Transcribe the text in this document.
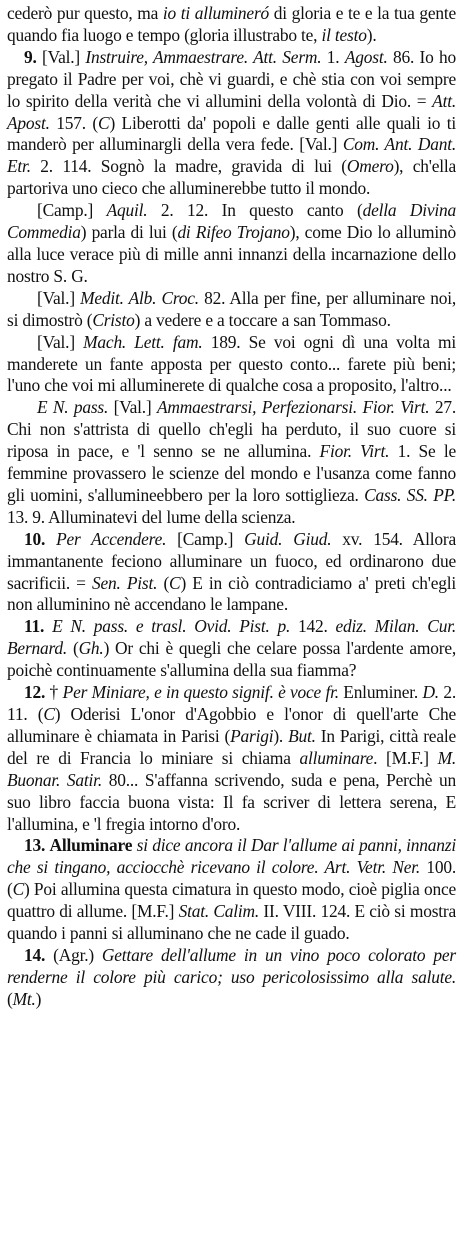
cederò pur questo, ma io ti allumineró di gloria e te e la tua gente quando fia luogo e tempo (gloria illustrabo te, il testo).

9. [Val.] Instruire, Ammaestrare. Att. Serm. 1. Agost. 86. Io ho pregato il Padre per voi, chè vi guardi, e chè stia con voi sempre lo spirito della verità che vi allumini della volontà di Dio. = Att. Apost. 157. (C) Liberotti da' popoli e dalle genti alle quali io ti manderò per alluminargli della vera fede. [Val.] Com. Ant. Dant. Etr. 2. 114. Sognò la madre, gravida di lui (Omero), ch'ella partoriva uno cieco che alluminerebbe tutto il mondo.

[Camp.] Aquil. 2. 12. In questo canto (della Divina Commedia) parla di lui (di Rifeo Trojano), come Dio lo alluminò alla luce verace più di mille anni innanzi della incarnazione dello nostro S. G.

[Val.] Medit. Alb. Croc. 82. Alla per fine, per alluminare noi, si dimostrò (Cristo) a vedere e a toccare a san Tommaso.

[Val.] Mach. Lett. fam. 189. Se voi ogni dì una volta mi manderete un fante apposta per questo conto... farete più beni; l'uno che voi mi alluminerete di qualche cosa a proposito, l'altro...

E N. pass. [Val.] Ammaestrarsi, Perfezionarsi. Fior. Virt. 27. Chi non s'attrista di quello ch'egli ha perduto, il suo cuore si riposa in pace, e 'l senno se ne allumina. Fior. Virt. 1. Se le femmine provassero le scienze del mondo e l'usanza come fanno gli uomini, s'allumineebbero per la loro sottiglieza. Cass. SS. PP. 13. 9. Alluminatevi del lume della scienza.

10. Per Accendere. [Camp.] Guid. Giud. xv. 154. Allora immantanente feciono alluminare un fuoco, ed ordinarono due sacrificii. = Sen. Pist. (C) E in ciò contradiciamo a' preti ch'egli non alluminino nè accendano le lampane.

11. E N. pass. e trasl. Ovid. Pist. p. 142. ediz. Milan. Cur. Bernard. (Gh.) Or chi è quegli che celare possa l'ardente amore, poichè continuamente s'allumina della sua fiamma?

12. † Per Miniare, e in questo signif. è voce fr. Enluminer. D. 2. 11. (C) Oderisi L'onor d'Agobbio e l'onor di quell'arte Che alluminare è chiamata in Parisi (Parigi). But. In Parigi, città reale del re di Francia lo miniare si chiama alluminare. [M.F.] M. Buonar. Satir. 80... S'affanna scrivendo, suda e pena, Perchè un suo libro faccia buona vista: Il fa scriver di lettera serena, E l'allumina, e 'l fregia intorno d'oro.

13. Alluminare si dice ancora il Dar l'allume ai panni, innanzi che si tingano, acciocchè ricevano il colore. Art. Vetr. Ner. 100. (C) Poi allumina questa cimatura in questo modo, cioè piglia once quattro di allume. [M.F.] Stat. Calim. II. VIII. 124. E ciò si mostra quando i panni si alluminano che ne cade il guado.

14. (Agr.) Gettare dell'allume in un vino poco colorato per renderne il colore più carico; uso pericolosissimo alla salute. (Mt.)
